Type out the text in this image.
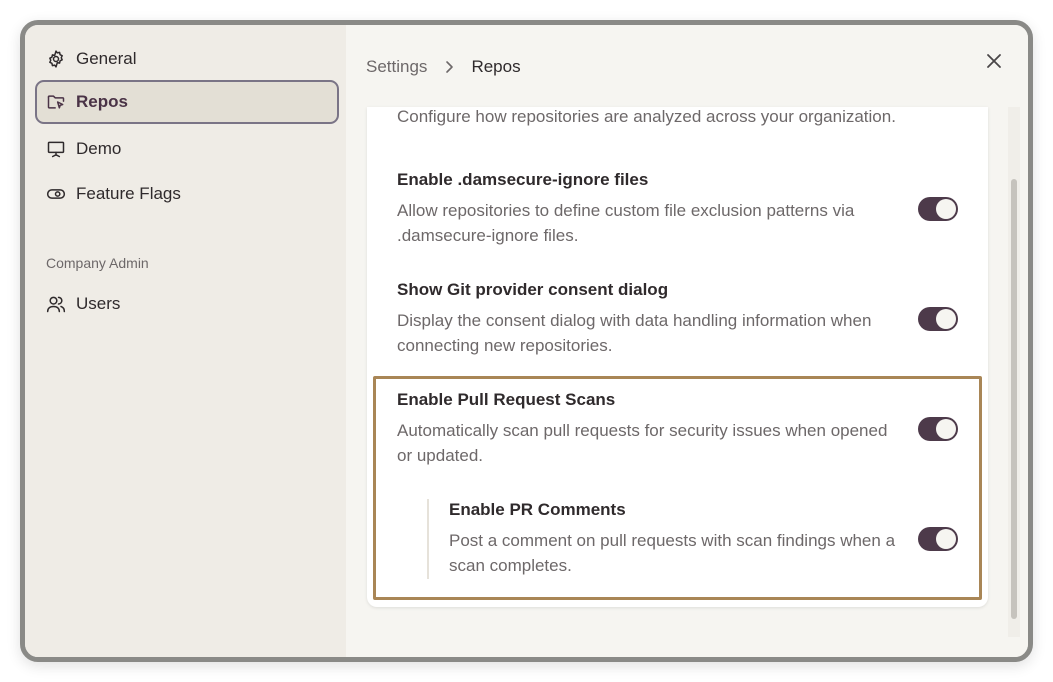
General
Repos
Demo
Feature Flags
Company Admin
Users
Settings	Repos
Configure how repositories are analyzed across your organization.
Enable .damsecure-ignore files
Allow repositories to define custom file exclusion patterns via .damsecure-ignore files.
Show Git provider consent dialog
Display the consent dialog with data handling information when connecting new repositories.
Enable Pull Request Scans
Automatically scan pull requests for security issues when opened or updated.
Enable PR Comments
Post a comment on pull requests with scan findings when a scan completes.
